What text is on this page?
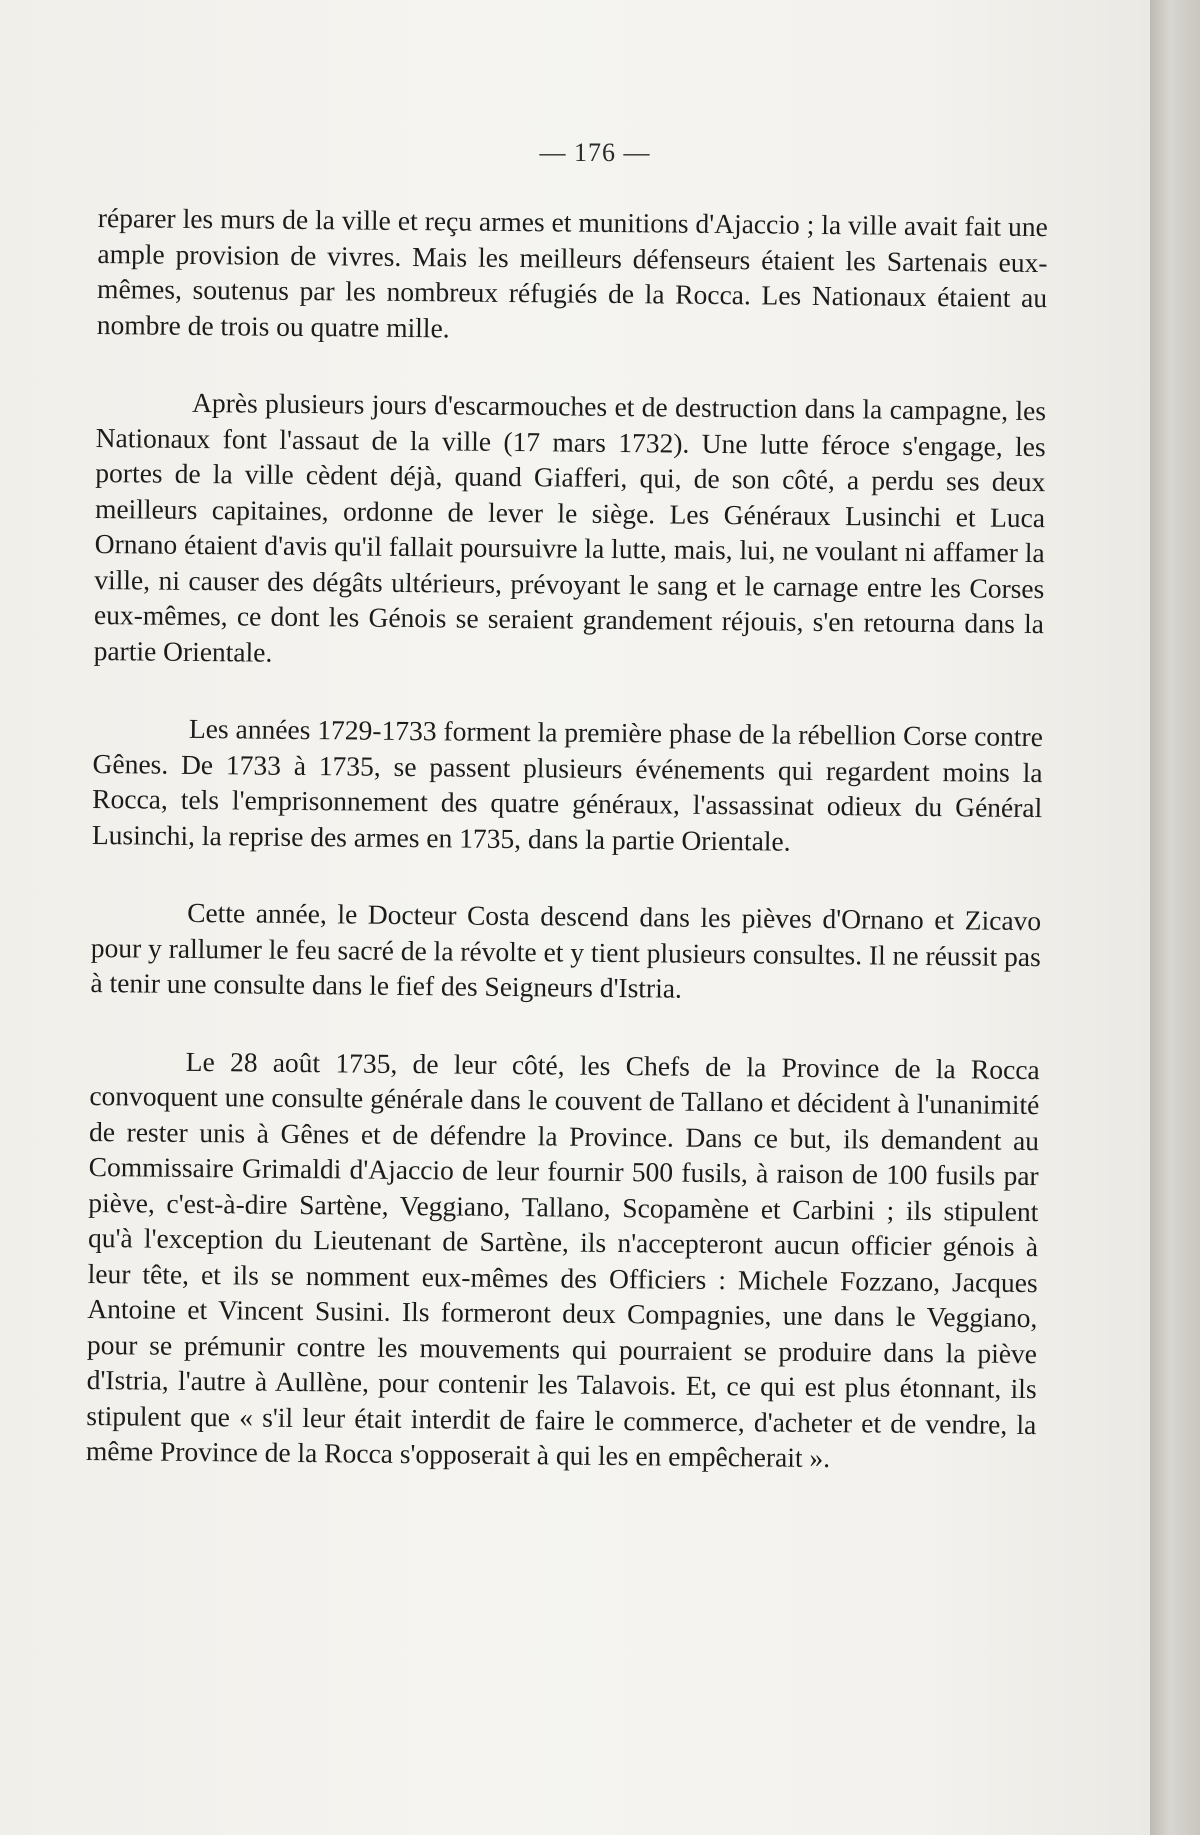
— 176 —

réparer les murs de la ville et reçu armes et munitions d'Ajaccio ; la ville avait fait une ample provision de vivres. Mais les meilleurs défenseurs étaient les Sartenais eux-mêmes, soutenus par les nombreux réfugiés de la Rocca. Les Nationaux étaient au nombre de trois ou quatre mille.

Après plusieurs jours d'escarmouches et de destruction dans la campagne, les Nationaux font l'assaut de la ville (17 mars 1732). Une lutte féroce s'engage, les portes de la ville cèdent déjà, quand Giafferi, qui, de son côté, a perdu ses deux meilleurs capitaines, ordonne de lever le siège. Les Généraux Lusinchi et Luca Ornano étaient d'avis qu'il fallait poursuivre la lutte, mais, lui, ne voulant ni affamer la ville, ni causer des dégâts ultérieurs, prévoyant le sang et le carnage entre les Corses eux-mêmes, ce dont les Génois se seraient grandement réjouis, s'en retourna dans la partie Orientale.

Les années 1729-1733 forment la première phase de la rébellion Corse contre Gênes. De 1733 à 1735, se passent plusieurs événements qui regardent moins la Rocca, tels l'emprisonnement des quatre généraux, l'assassinat odieux du Général Lusinchi, la reprise des armes en 1735, dans la partie Orientale.

Cette année, le Docteur Costa descend dans les pièves d'Ornano et Zicavo pour y rallumer le feu sacré de la révolte et y tient plusieurs consultes. Il ne réussit pas à tenir une consulte dans le fief des Seigneurs d'Istria.

Le 28 août 1735, de leur côté, les Chefs de la Province de la Rocca convoquent une consulte générale dans le couvent de Tallano et décident à l'unanimité de rester unis à Gênes et de défendre la Province. Dans ce but, ils demandent au Commissaire Grimaldi d'Ajaccio de leur fournir 500 fusils, à raison de 100 fusils par piève, c'est-à-dire Sartène, Veggiano, Tallano, Scopamène et Carbini ; ils stipulent qu'à l'exception du Lieutenant de Sartène, ils n'accepteront aucun officier génois à leur tête, et ils se nomment eux-mêmes des Officiers : Michele Fozzano, Jacques Antoine et Vincent Susini. Ils formeront deux Compagnies, une dans le Veggiano, pour se prémunir contre les mouvements qui pourraient se produire dans la piève d'Istria, l'autre à Aullène, pour contenir les Talavois. Et, ce qui est plus étonnant, ils stipulent que « s'il leur était interdit de faire le commerce, d'acheter et de vendre, la même Province de la Rocca s'opposerait à qui les en empêcherait ».
